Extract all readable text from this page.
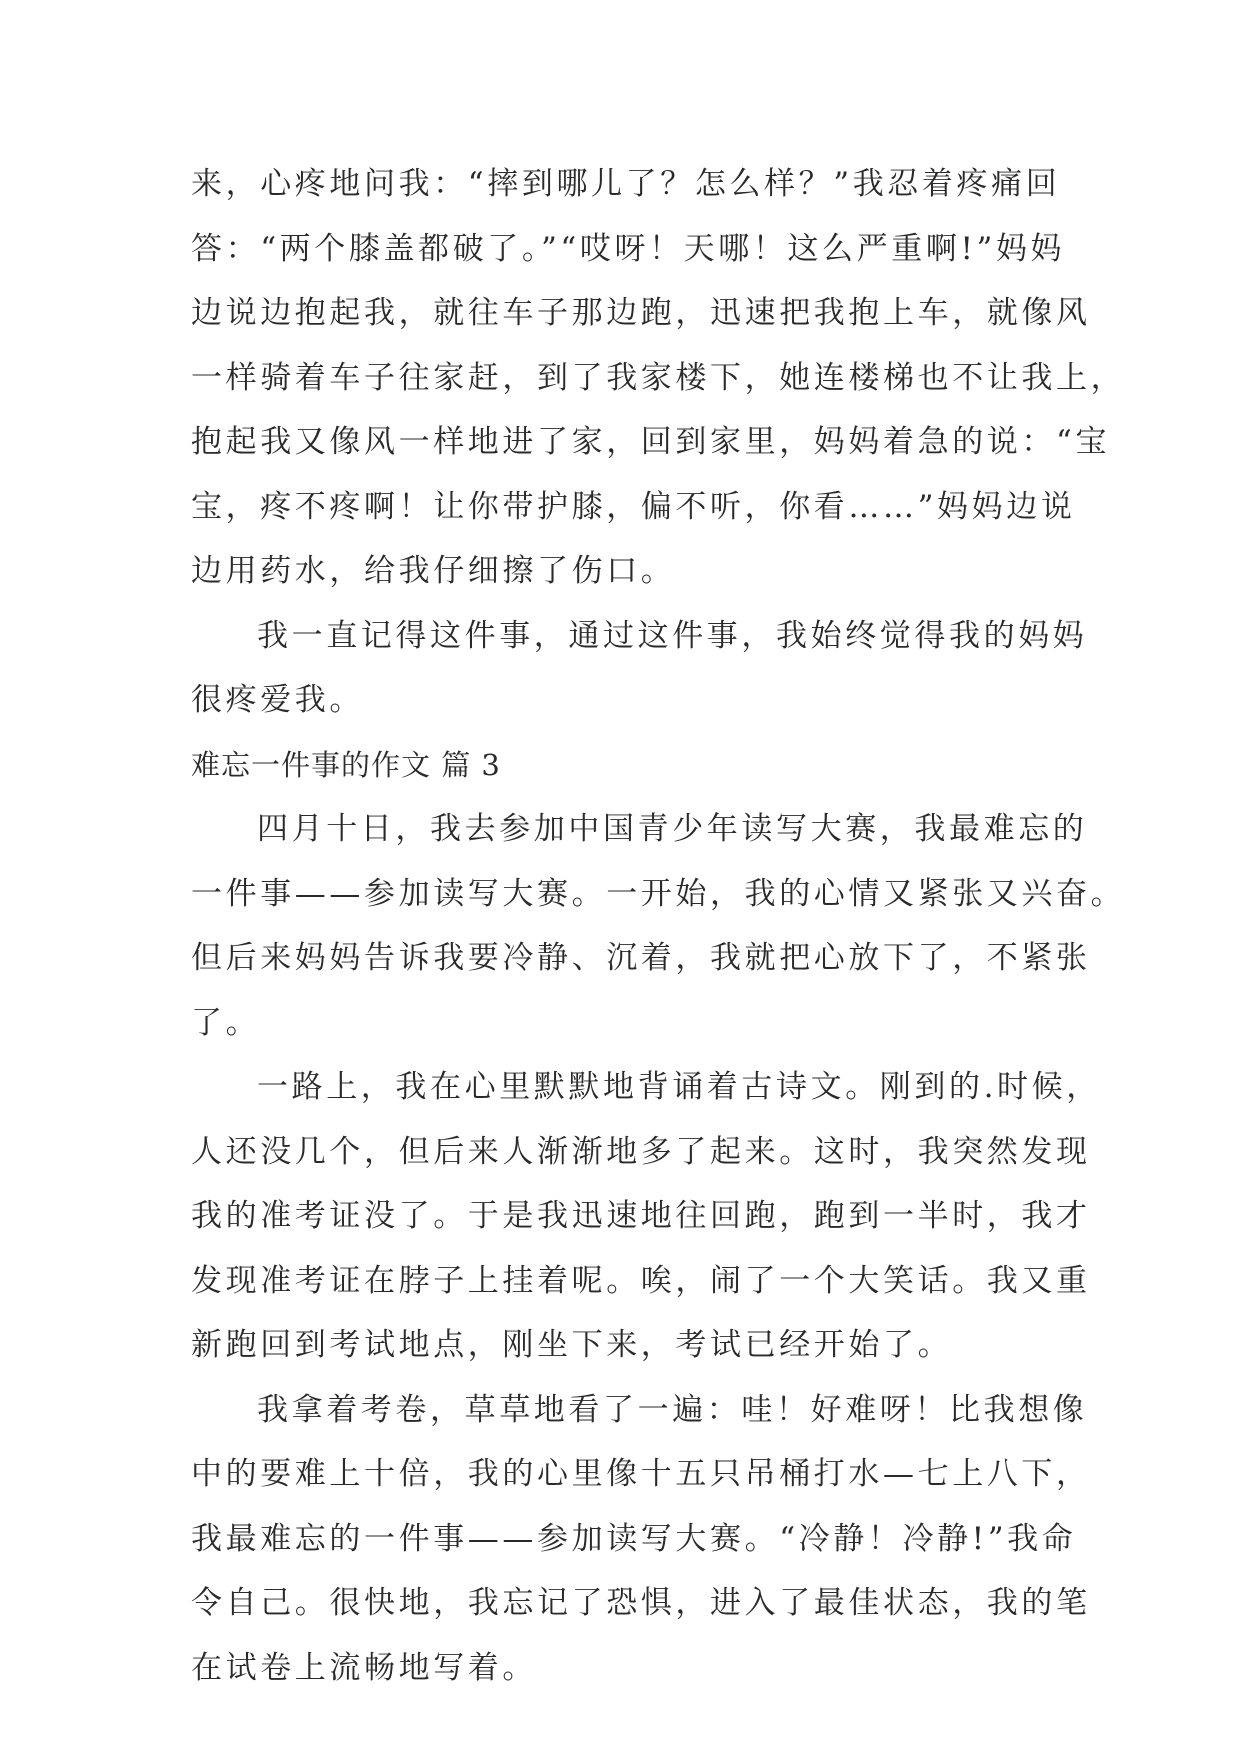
来，心疼地问我：“摔到哪儿了？怎么样？”我忍着疼痛回
答：“两个膝盖都破了。”“哎呀！天哪！这么严重啊!”妈妈
边说边抱起我，就往车子那边跑，迅速把我抱上车，就像风
一样骑着车子往家赶，到了我家楼下，她连楼梯也不让我上，
抱起我又像风一样地进了家，回到家里，妈妈着急的说：“宝
宝，疼不疼啊！让你带护膝，偏不听，你看……”妈妈边说
边用药水，给我仔细擦了伤口。
我一直记得这件事，通过这件事，我始终觉得我的妈妈
很疼爱我。
难忘一件事的作文 篇 3
四月十日，我去参加中国青少年读写大赛，我最难忘的
一件事——参加读写大赛。一开始，我的心情又紧张又兴奋。
但后来妈妈告诉我要冷静、沉着，我就把心放下了，不紧张
了。
一路上，我在心里默默地背诵着古诗文。刚到的.时候，
人还没几个，但后来人渐渐地多了起来。这时，我突然发现
我的准考证没了。于是我迅速地往回跑，跑到一半时，我才
发现准考证在脖子上挂着呢。唉，闹了一个大笑话。我又重
新跑回到考试地点，刚坐下来，考试已经开始了。
我拿着考卷，草草地看了一遍：哇！好难呀！比我想像
中的要难上十倍，我的心里像十五只吊桶打水—七上八下，
我最难忘的一件事——参加读写大赛。“冷静！冷静!”我命
令自己。很快地，我忘记了恐惧，进入了最佳状态，我的笔
在试卷上流畅地写着。
